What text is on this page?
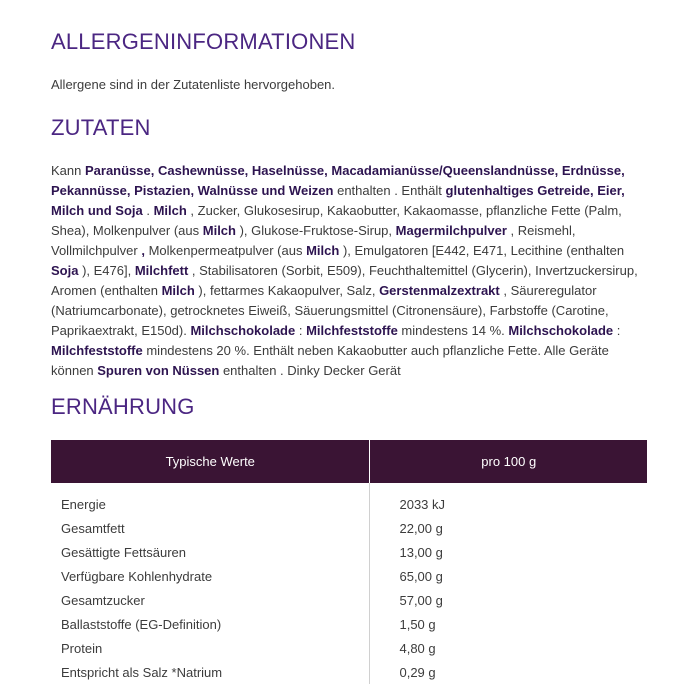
ALLERGENINFORMATIONEN
Allergene sind in der Zutatenliste hervorgehoben.
ZUTATEN
Kann Paranüsse, Cashewnüsse, Haselnüsse, Macadamianüsse/Queenslandnüsse, Erdnüsse, Pekannüsse, Pistazien, Walnüsse und Weizen enthalten . Enthält glutenhaltiges Getreide, Eier, Milch und Soja . Milch , Zucker, Glukosesirup, Kakaobutter, Kakaomasse, pflanzliche Fette (Palm, Shea), Molkenpulver (aus Milch ), Glukose-Fruktose-Sirup, Magermilchpulver , Reismehl, Vollmilchpulver , Molkenpermeatpulver (aus Milch ), Emulgatoren [E442, E471, Lecithine (enthalten Soja ), E476], Milchfett , Stabilisatoren (Sorbit, E509), Feuchthaltemittel (Glycerin), Invertzuckersirup, Aromen (enthalten Milch ), fettarmes Kakaopulver, Salz, Gerstenmalzextrakt , Säureregulator (Natriumcarbonate), getrocknetes Eiweiß, Säuerungsmittel (Citronensäure), Farbstoffe (Carotine, Paprikaextrakt, E150d). Milchschokolade : Milchfeststoffe mindestens 14 %. Milchschokolade : Milchfeststoffe mindestens 20 %. Enthält neben Kakaobutter auch pflanzliche Fette. Alle Geräte können Spuren von Nüssen enthalten . Dinky Decker Gerät
ERNÄHRUNG
Typische Werte	pro 100 g

Energie	2033 kJ
Gesamtfett	22,00 g
Gesättigte Fettsäuren	13,00 g
Verfügbare Kohlenhydrate	65,00 g
Gesamtzucker	57,00 g
Ballaststoffe (EG-Definition)	1,50 g
Protein	4,80 g
Entspricht als Salz *Natrium	0,29 g
